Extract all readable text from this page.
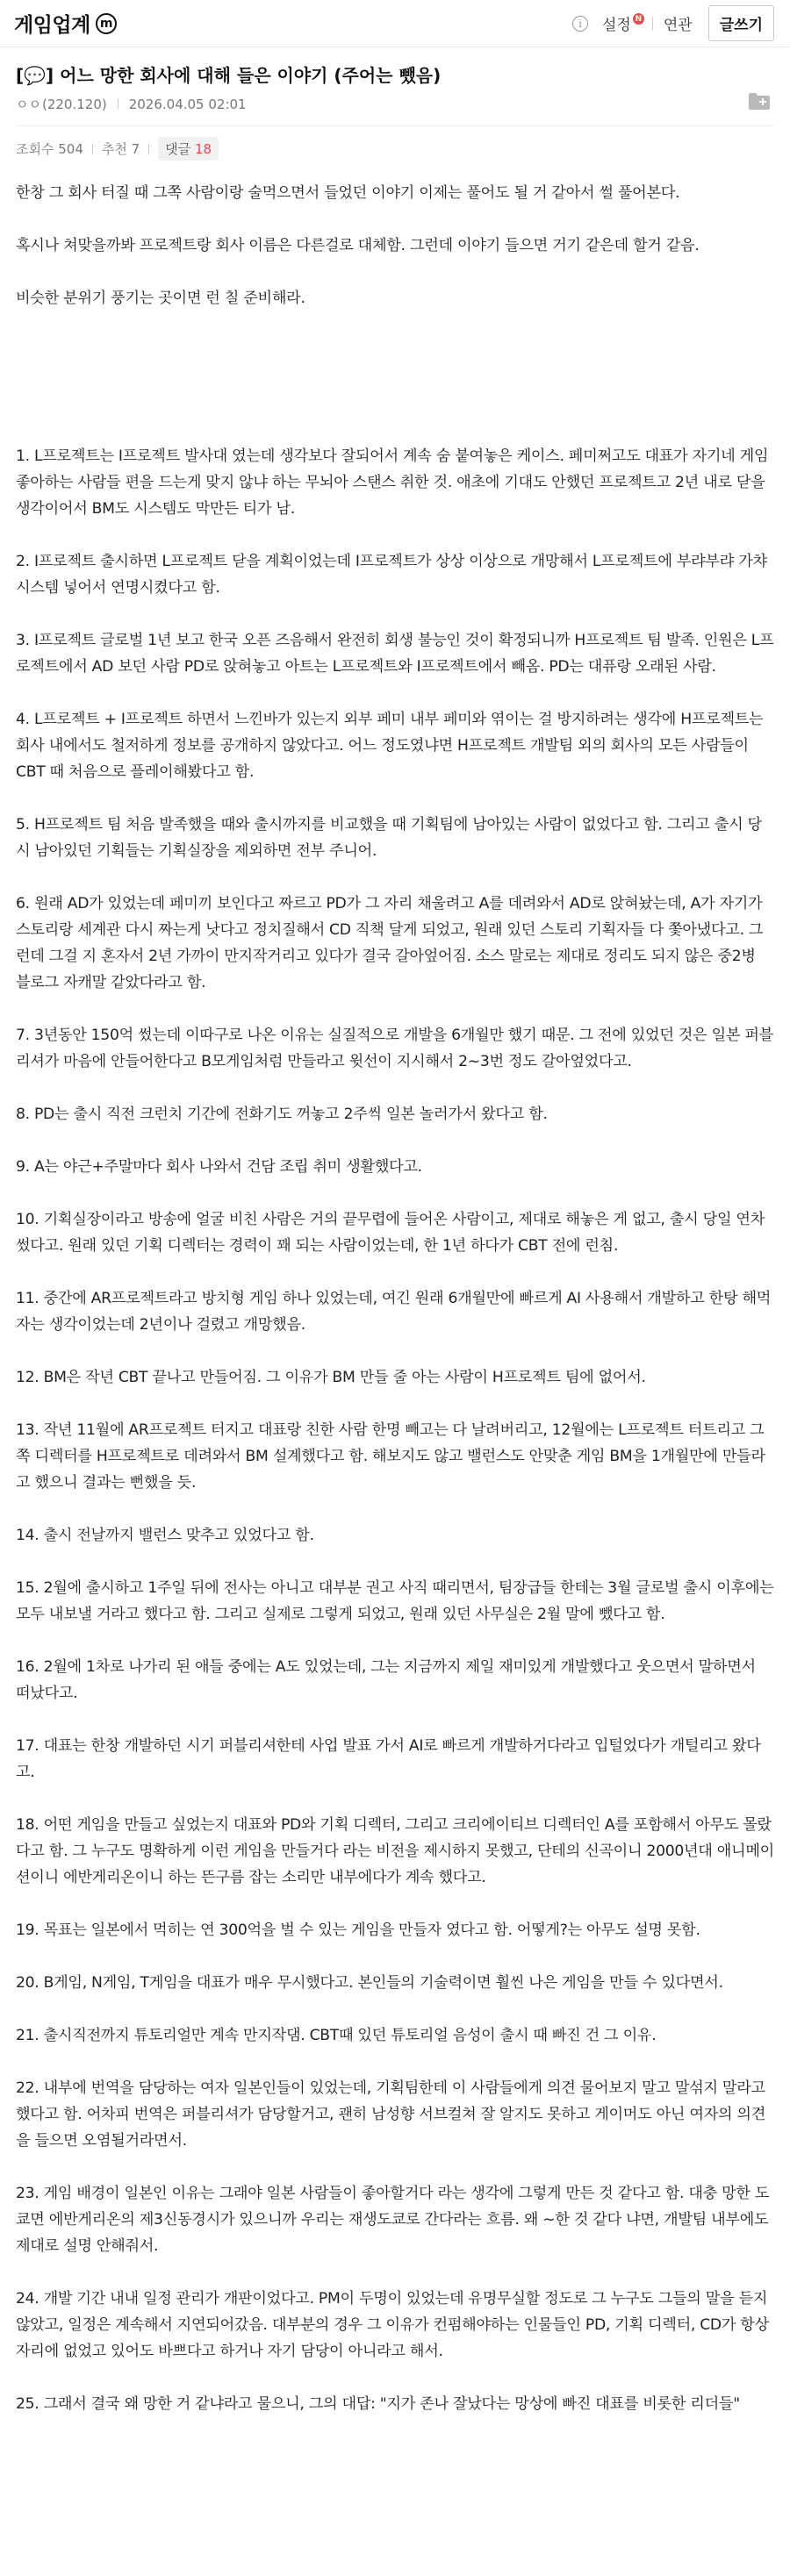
게임업계 m	i	설정 N 연관	글쓰기
[💬] 어느 망한 회사에 대해 들은 이야기 (주어는 뺐음)
ㅇㅇ (220.120) 2026.04.05 02:01
조회수 504 추천 7	댓글 18

한창 그 회사 터질 때 그쪽 사람이랑 술먹으면서 들었던 이야기 이제는 풀어도 될 거 같아서 썰 풀어본다.

혹시나 쳐맞을까봐 프로젝트랑 회사 이름은 다른걸로 대체함. 그런데 이야기 들으면 거기 같은데 할거 같음.

비슷한 분위기 풍기는 곳이면 런 칠 준비해라.

1. L프로젝트는 I프로젝트 발사대 였는데 생각보다 잘되어서 계속 숨 붙여놓은 케이스. 페미쩌고도 대표가 자기네 게임 좋아하는 사람들 편을 드는게 맞지 않냐 하는 무뇌아 스탠스 취한 것. 애초에 기대도 안했던 프로젝트고 2년 내로 닫을 생각이어서 BM도 시스템도 막만든 티가 남.

2. I프로젝트 출시하면 L프로젝트 닫을 계획이었는데 I프로젝트가 상상 이상으로 개망해서 L프로젝트에 부랴부랴 가챠 시스템 넣어서 연명시켰다고 함.

3. I프로젝트 글로벌 1년 보고 한국 오픈 즈음해서 완전히 회생 불능인 것이 확정되니까 H프로젝트 팀 발족. 인원은 L프로젝트에서 AD 보던 사람 PD로 앉혀놓고 아트는 L프로젝트와 I프로젝트에서 빼옴. PD는 대퓨랑 오래된 사람.

4. L프로젝트 + I프로젝트 하면서 느낀바가 있는지 외부 페미 내부 페미와 엮이는 걸 방지하려는 생각에 H프로젝트는 회사 내에서도 철저하게 정보를 공개하지 않았다고. 어느 정도였냐면 H프로젝트 개발팀 외의 회사의 모든 사람들이 CBT 때 처음으로 플레이해봤다고 함.

5. H프로젝트 팀 처음 발족했을 때와 출시까지를 비교했을 때 기획팀에 남아있는 사람이 없었다고 함. 그리고 출시 당시 남아있던 기획들는 기획실장을 제외하면 전부 주니어.

6. 원래 AD가 있었는데 페미끼 보인다고 짜르고 PD가 그 자리 채울려고 A를 데려와서 AD로 앉혀놨는데, A가 자기가 스토리랑 세계관 다시 짜는게 낫다고 정치질해서 CD 직책 달게 되었고, 원래 있던 스토리 기획자들 다 쫓아냈다고. 그런데 그걸 지 혼자서 2년 가까이 만지작거리고 있다가 결국 갈아엎어짐. 소스 말로는 제대로 정리도 되지 않은 중2병 블로그 자캐말 같았다라고 함.

7. 3년동안 150억 썼는데 이따구로 나온 이유는 실질적으로 개발을 6개월만 했기 때문. 그 전에 있었던 것은 일본 퍼블리셔가 마음에 안들어한다고 B모게임처럼 만들라고 윗선이 지시해서 2~3번 정도 갈아엎었다고.

8. PD는 출시 직전 크런치 기간에 전화기도 꺼놓고 2주씩 일본 놀러가서 왔다고 함.

9. A는 야근+주말마다 회사 나와서 건담 조립 취미 생활했다고.

10. 기획실장이라고 방송에 얼굴 비친 사람은 거의 끝무렵에 들어온 사람이고, 제대로 해놓은 게 없고, 출시 당일 연차썼다고. 원래 있던 기획 디렉터는 경력이 꽤 되는 사람이었는데, 한 1년 하다가 CBT 전에 런침.

11. 중간에 AR프로젝트라고 방치형 게임 하나 있었는데, 여긴 원래 6개월만에 빠르게 AI 사용해서 개발하고 한탕 해먹자는 생각이었는데 2년이나 걸렸고 개망했음.

12. BM은 작년 CBT 끝나고 만들어짐. 그 이유가 BM 만들 줄 아는 사람이 H프로젝트 팀에 없어서.

13. 작년 11월에 AR프로젝트 터지고 대표랑 친한 사람 한명 빼고는 다 날려버리고, 12월에는 L프로젝트 터트리고 그쪽 디렉터를 H프로젝트로 데려와서 BM 설계했다고 함. 해보지도 않고 밸런스도 안맞춘 게임 BM을 1개월만에 만들라고 했으니 결과는 뻔했을 듯.

14. 출시 전날까지 밸런스 맞추고 있었다고 함.

15. 2월에 출시하고 1주일 뒤에 전사는 아니고 대부분 권고 사직 때리면서, 팀장급들 한테는 3월 글로벌 출시 이후에는 모두 내보낼 거라고 했다고 함. 그리고 실제로 그렇게 되었고, 원래 있던 사무실은 2월 말에 뺐다고 함.

16. 2월에 1차로 나가리 된 애들 중에는 A도 있었는데, 그는 지금까지 제일 재미있게 개발했다고 웃으면서 말하면서 떠났다고.

17. 대표는 한창 개발하던 시기 퍼블리셔한테 사업 발표 가서 AI로 빠르게 개발하거다라고 입털었다가 개털리고 왔다고.

18. 어떤 게임을 만들고 싶었는지 대표와 PD와 기획 디렉터, 그리고 크리에이티브 디렉터인 A를 포함해서 아무도 몰랐다고 함. 그 누구도 명확하게 이런 게임을 만들거다 라는 비전을 제시하지 못했고, 단테의 신곡이니 2000년대 애니메이션이니 에반게리온이니 하는 뜬구름 잡는 소리만 내부에다가 계속 했다고.

19. 목표는 일본에서 먹히는 연 300억을 벌 수 있는 게임을 만들자 였다고 함. 어떻게?는 아무도 설명 못함.

20. B게임, N게임, T게임을 대표가 매우 무시했다고. 본인들의 기술력이면 훨씬 나은 게임을 만들 수 있다면서.

21. 출시직전까지 튜토리얼만 계속 만지작댐. CBT때 있던 튜토리얼 음성이 출시 때 빠진 건 그 이유.

22. 내부에 번역을 담당하는 여자 일본인들이 있었는데, 기획팀한테 이 사람들에게 의견 물어보지 말고 말섞지 말라고 했다고 함. 어차피 번역은 퍼블리셔가 담당할거고, 괜히 남성향 서브컬쳐 잘 알지도 못하고 게이머도 아닌 여자의 의견을 들으면 오염될거라면서.

23. 게임 배경이 일본인 이유는 그래야 일본 사람들이 좋아할거다 라는 생각에 그렇게 만든 것 같다고 함. 대충 망한 도쿄면 에반게리온의 제3신동경시가 있으니까 우리는 재생도쿄로 간다라는 흐름. 왜 ~한 것 같다 냐면, 개발팀 내부에도 제대로 설명 안해줘서.

24. 개발 기간 내내 일정 관리가 개판이었다고. PM이 두명이 있었는데 유명무실할 정도로 그 누구도 그들의 말을 듣지 않았고, 일정은 계속해서 지연되어갔음. 대부분의 경우 그 이유가 컨펌해야하는 인물들인 PD, 기획 디렉터, CD가 항상 자리에 없었고 있어도 바쁘다고 하거나 자기 담당이 아니라고 해서.

25. 그래서 결국 왜 망한 거 같냐라고 물으니, 그의 대답: "지가 존나 잘났다는 망상에 빠진 대표를 비롯한 리더들"
